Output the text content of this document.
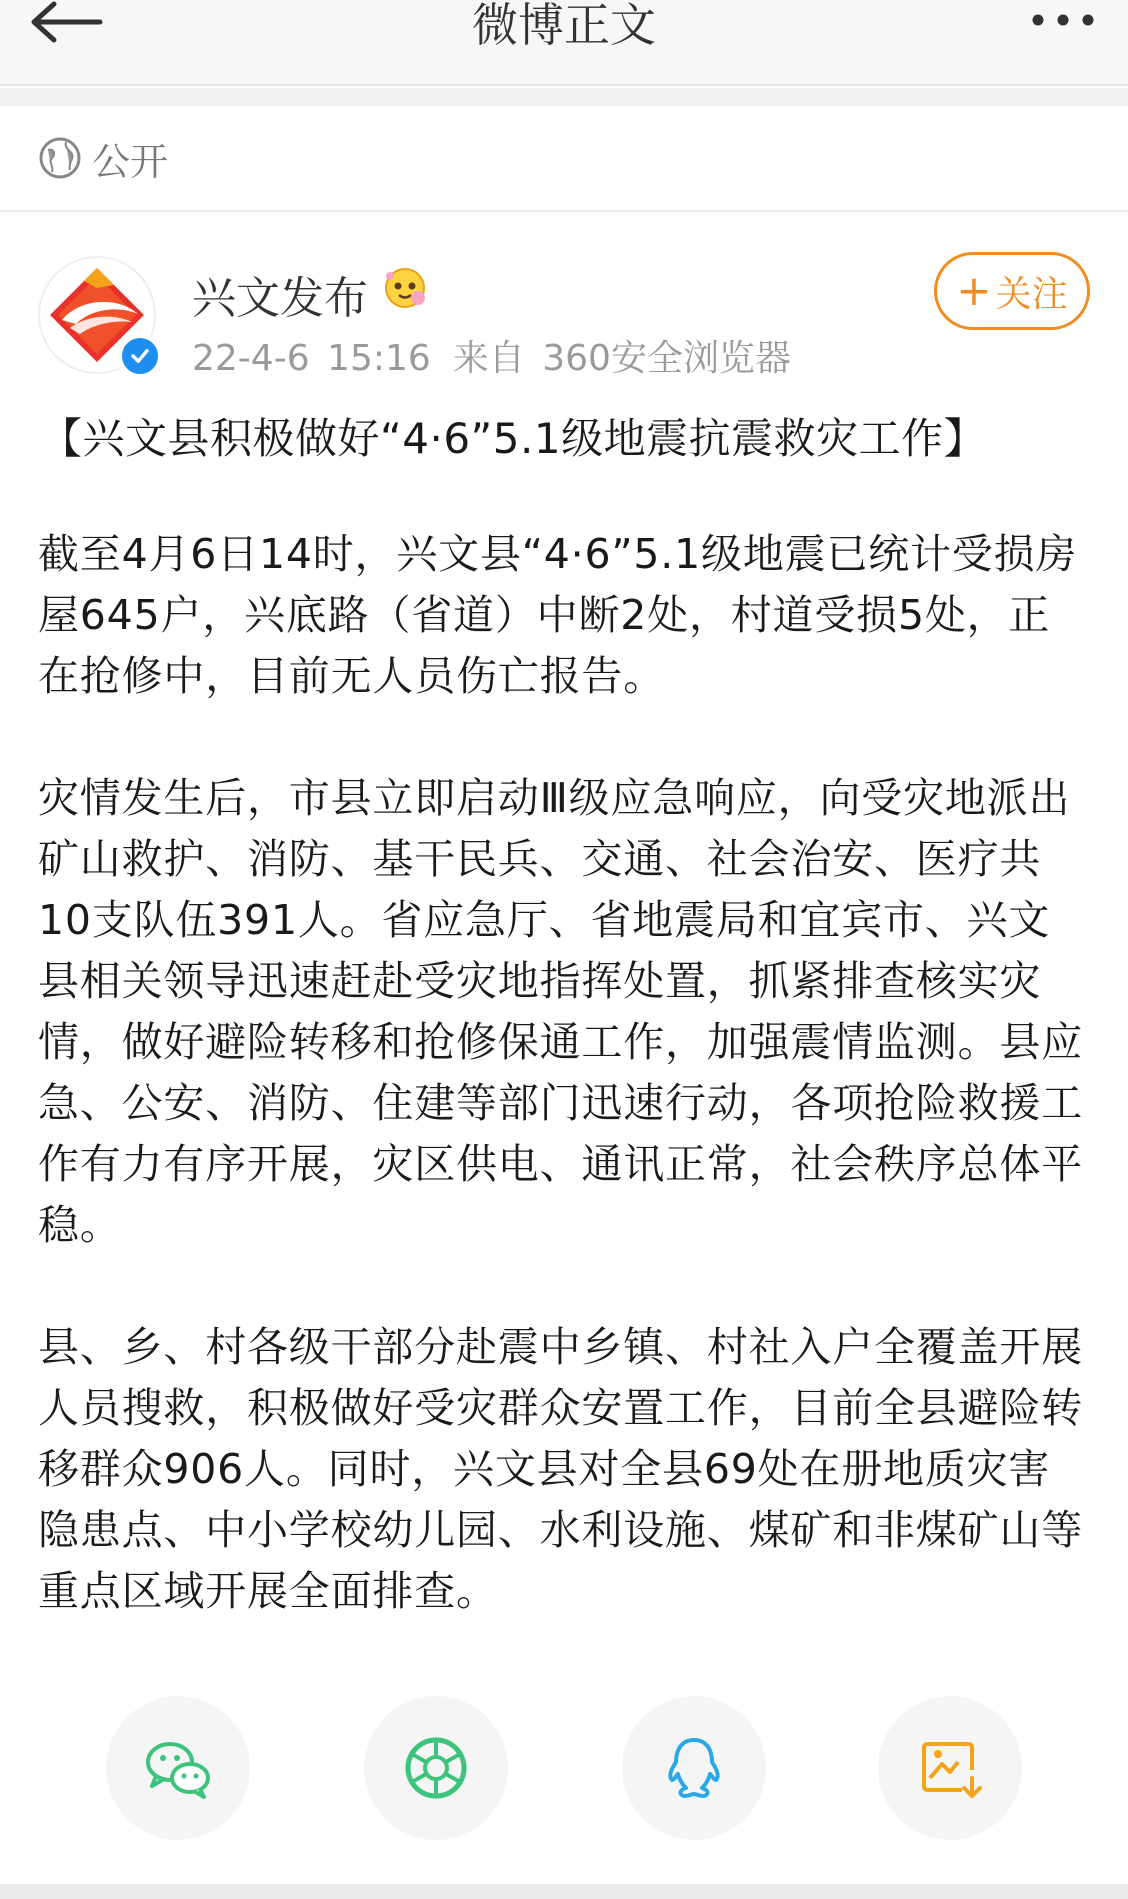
微博正文
公开
兴文发布
22-4-6 15:16 来自 360安全浏览器
+ 关注
【兴文县积极做好“4·6”5.1级地震抗震救灾工作】

截至4月6日14时，兴文县“4·6”5.1级地震已统计受损房屋645户，兴底路（省道）中断2处，村道受损5处，正在抢修中，目前无人员伤亡报告。

灾情发生后，市县立即启动Ⅲ级应急响应，向受灾地派出矿山救护、消防、基干民兵、交通、社会治安、医疗共10支队伍391人。省应急厅、省地震局和宜宾市、兴文县相关领导迅速赶赴受灾地指挥处置，抓紧排查核实灾情，做好避险转移和抢修保通工作，加强震情监测。县应急、公安、消防、住建等部门迅速行动，各项抢险救援工作有力有序开展，灾区供电、通讯正常，社会秩序总体平稳。

县、乡、村各级干部分赴震中乡镇、村社入户全覆盖开展人员搜救，积极做好受灾群众安置工作，目前全县避险转移群众906人。同时，兴文县对全县69处在册地质灾害隐患点、中小学校幼儿园、水利设施、煤矿和非煤矿山等重点区域开展全面排查。
